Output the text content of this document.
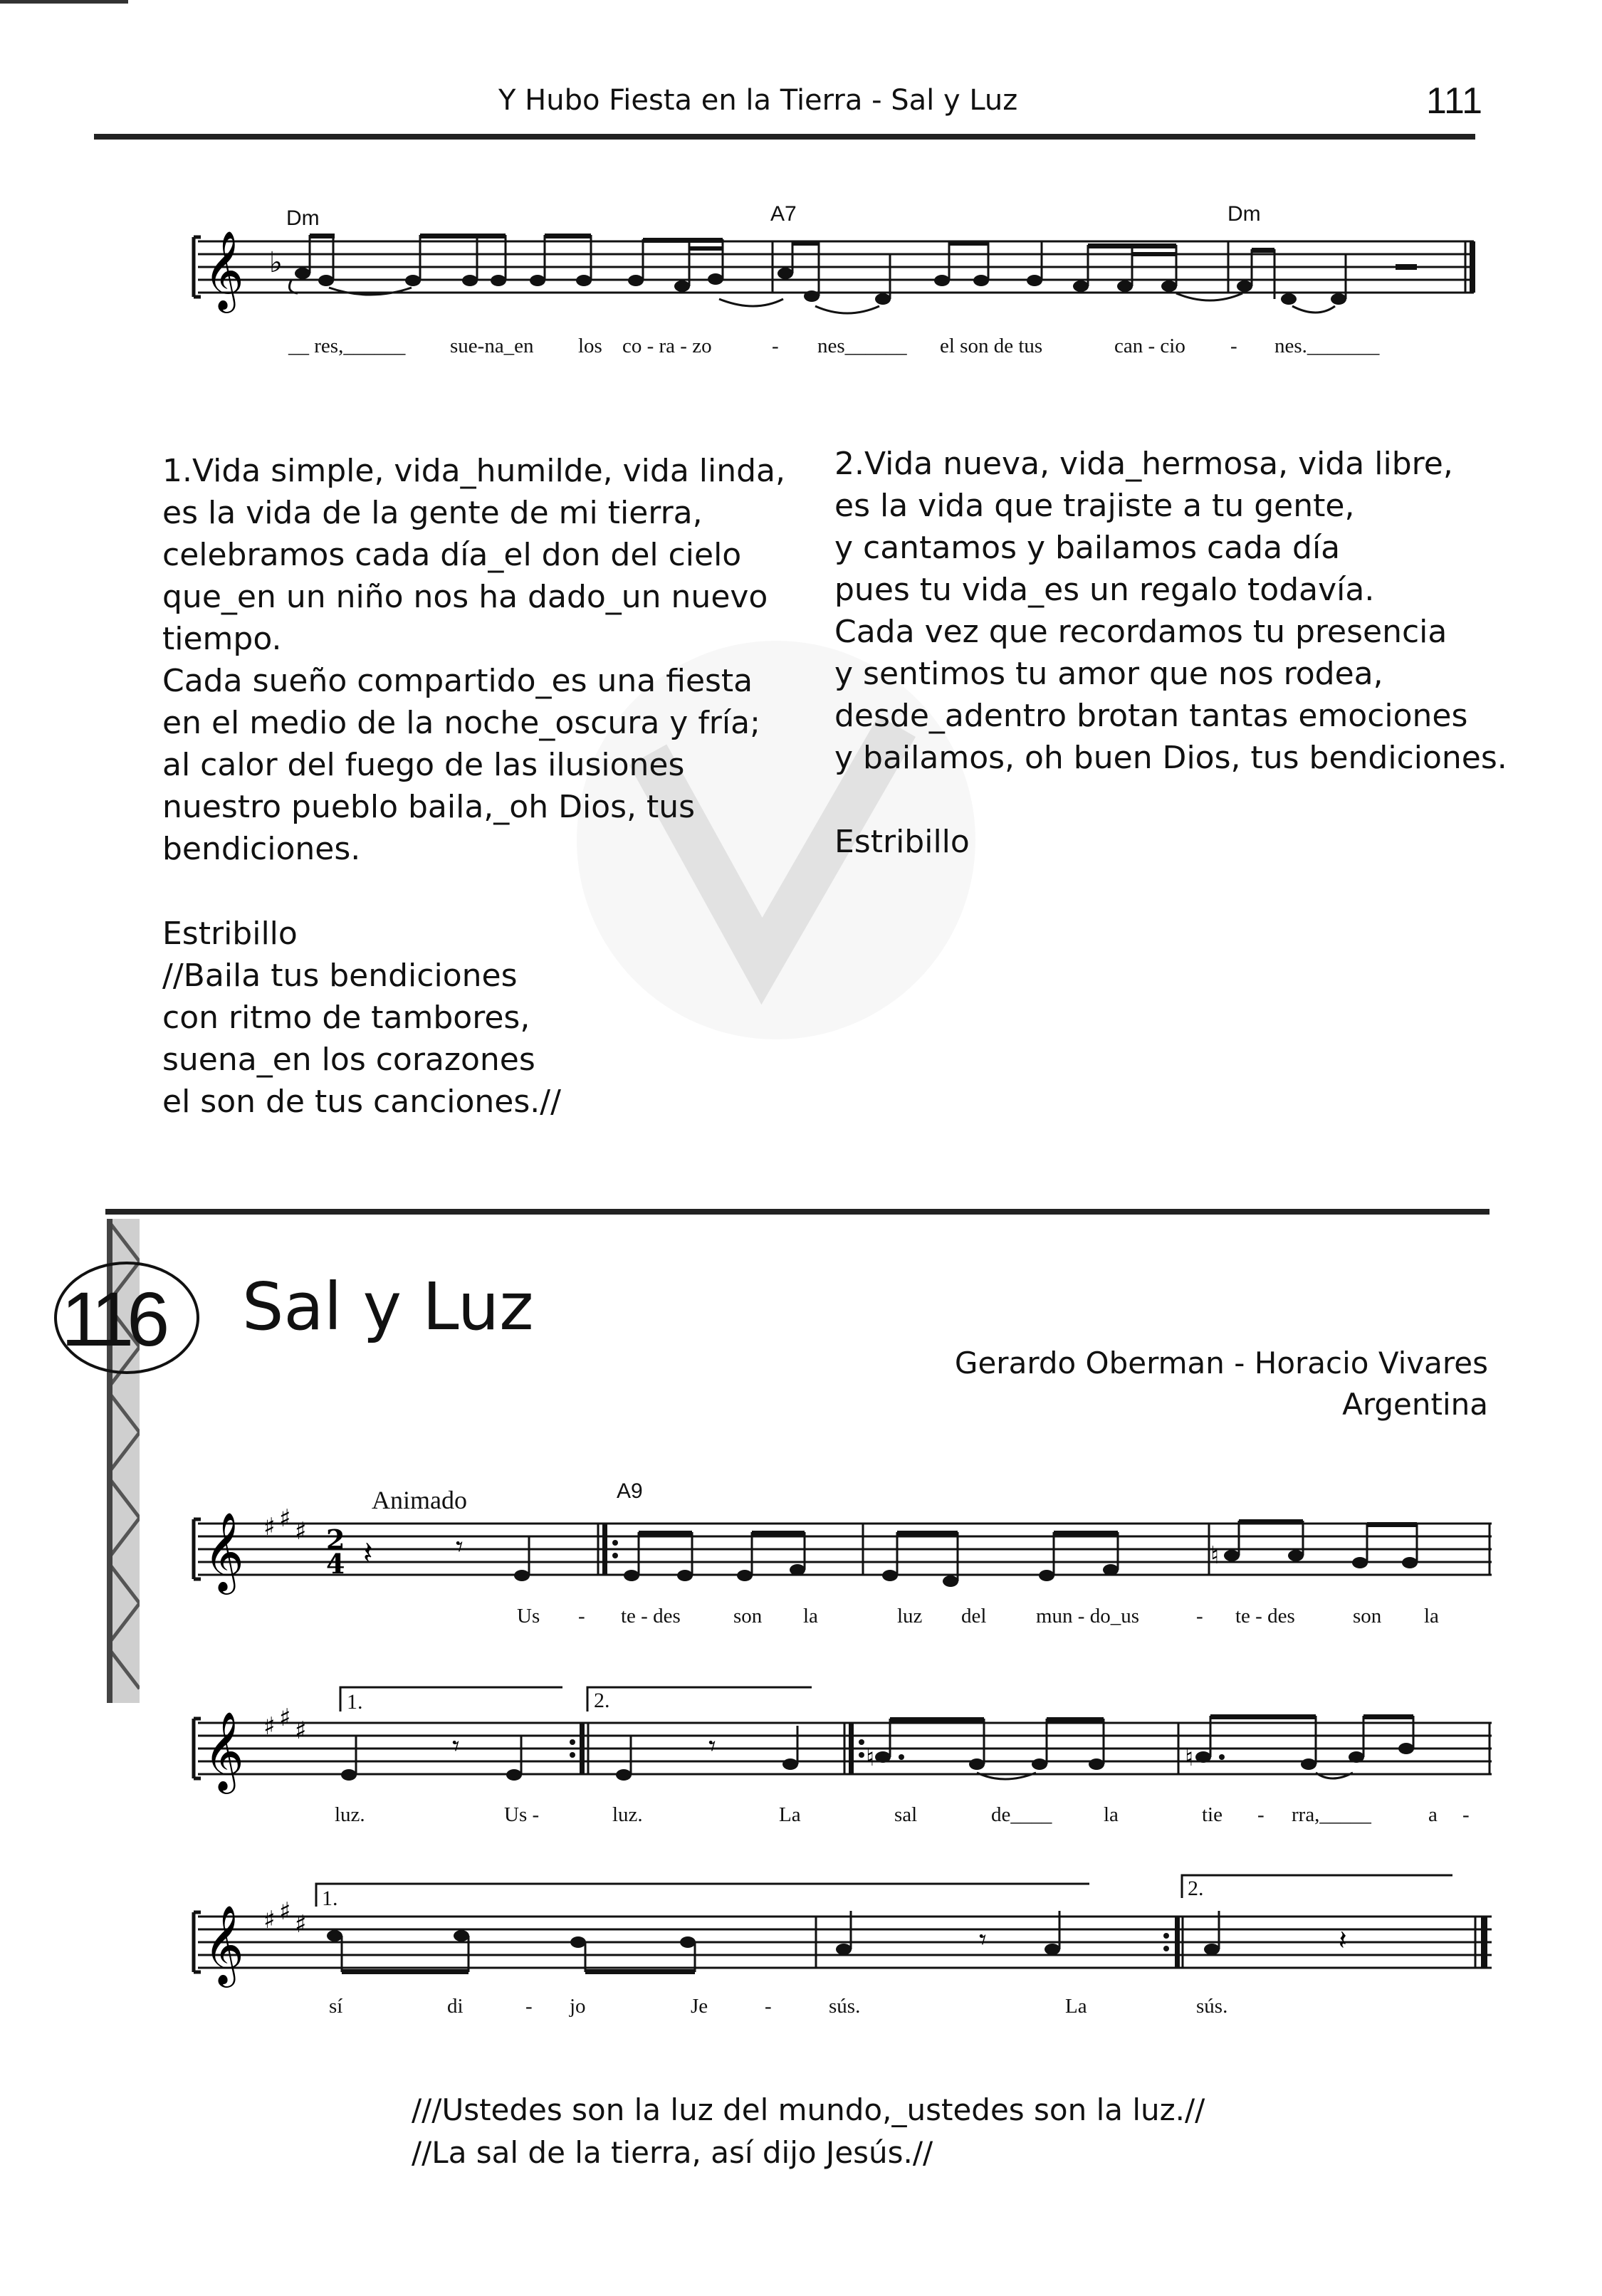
Y Hubo Fiesta en la Tierra - Sal y Luz	111
Dm	A7	Dm
𝄞 ♭
__ res,______ sue-na_en los co - ra - zo	- nes______ el son de tus	can - cio - nes._______
1.Vida simple, vida_humilde, vida linda,
es la vida de la gente de mi tierra,
celebramos cada día_el don del cielo
que_en un niño nos ha dado_un nuevo
tiempo.
Cada sueño compartido_es una fiesta
en el medio de la noche_oscura y fría;
al calor del fuego de las ilusiones
nuestro pueblo baila,_oh Dios, tus
bendiciones.
Estribillo
//Baila tus bendiciones
con ritmo de tambores,
suena_en los corazones
el son de tus canciones.//
2.Vida nueva, vida_hermosa, vida libre,
es la vida que trajiste a tu gente,
y cantamos y bailamos cada día
pues tu vida_es un regalo todavía.
Cada vez que recordamos tu presencia
y sentimos tu amor que nos rodea,
desde_adentro brotan tantas emociones
y bailamos, oh buen Dios, tus bendiciones.
Estribillo
116 Sal y Luz
Gerardo Oberman - Horacio Vivares
Argentina
Animado	A9
𝄞 ♯ ♯ ♯ 2
4 𝄽	𝄾	♮
Us - te - des	son la	luz del mun - do_us	- te - des	son la
1.	2.
𝄞 ♯ ♯ ♯	𝄾	𝄾	♮	♮
luz.	Us -	luz.	La	sal	de____	la	tie - rra,_____	a -
1.	2.
𝄞 ♯ ♯ ♯	𝄾	𝄽
sí	di	- jo	Je	-	sús.	La	sús.
///Ustedes son la luz del mundo,_ustedes son la luz.//
//La sal de la tierra, así dijo Jesús.//
